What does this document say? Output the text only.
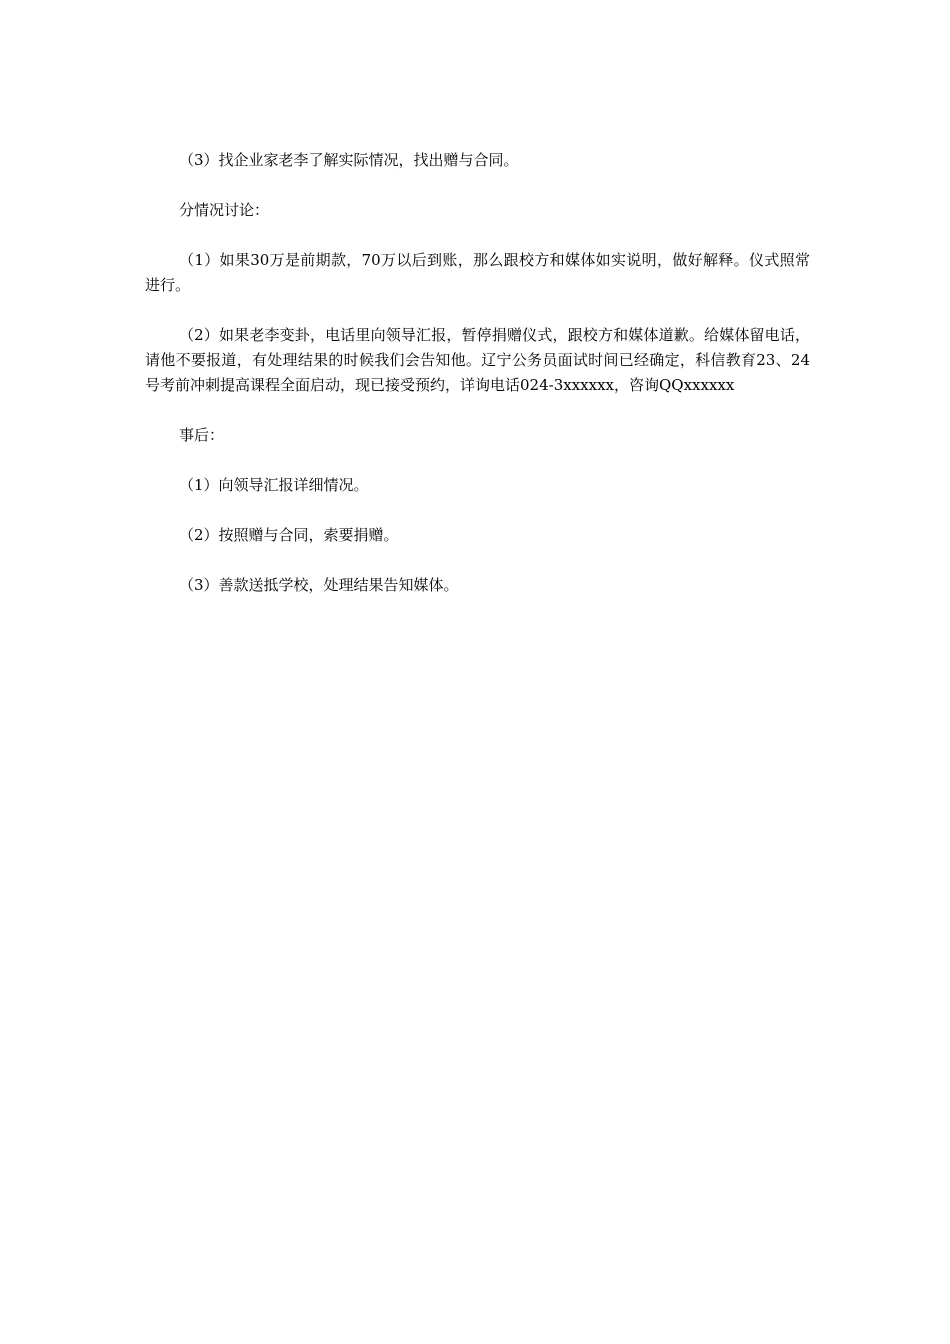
（3）找企业家老李了解实际情况，找出赠与合同。

分情况讨论：

（1）如果30万是前期款，70万以后到账，那么跟校方和媒体如实说明，做好解释。仪式照常进行。

（2）如果老李变卦，电话里向领导汇报，暂停捐赠仪式，跟校方和媒体道歉。给媒体留电话，请他不要报道，有处理结果的时候我们会告知他。辽宁公务员面试时间已经确定，科信教育23、24号考前冲刺提高课程全面启动，现已接受预约，详询电话024-3xxxxxx，咨询QQxxxxxx

事后：

（1）向领导汇报详细情况。

（2）按照赠与合同，索要捐赠。

（3）善款送抵学校，处理结果告知媒体。
